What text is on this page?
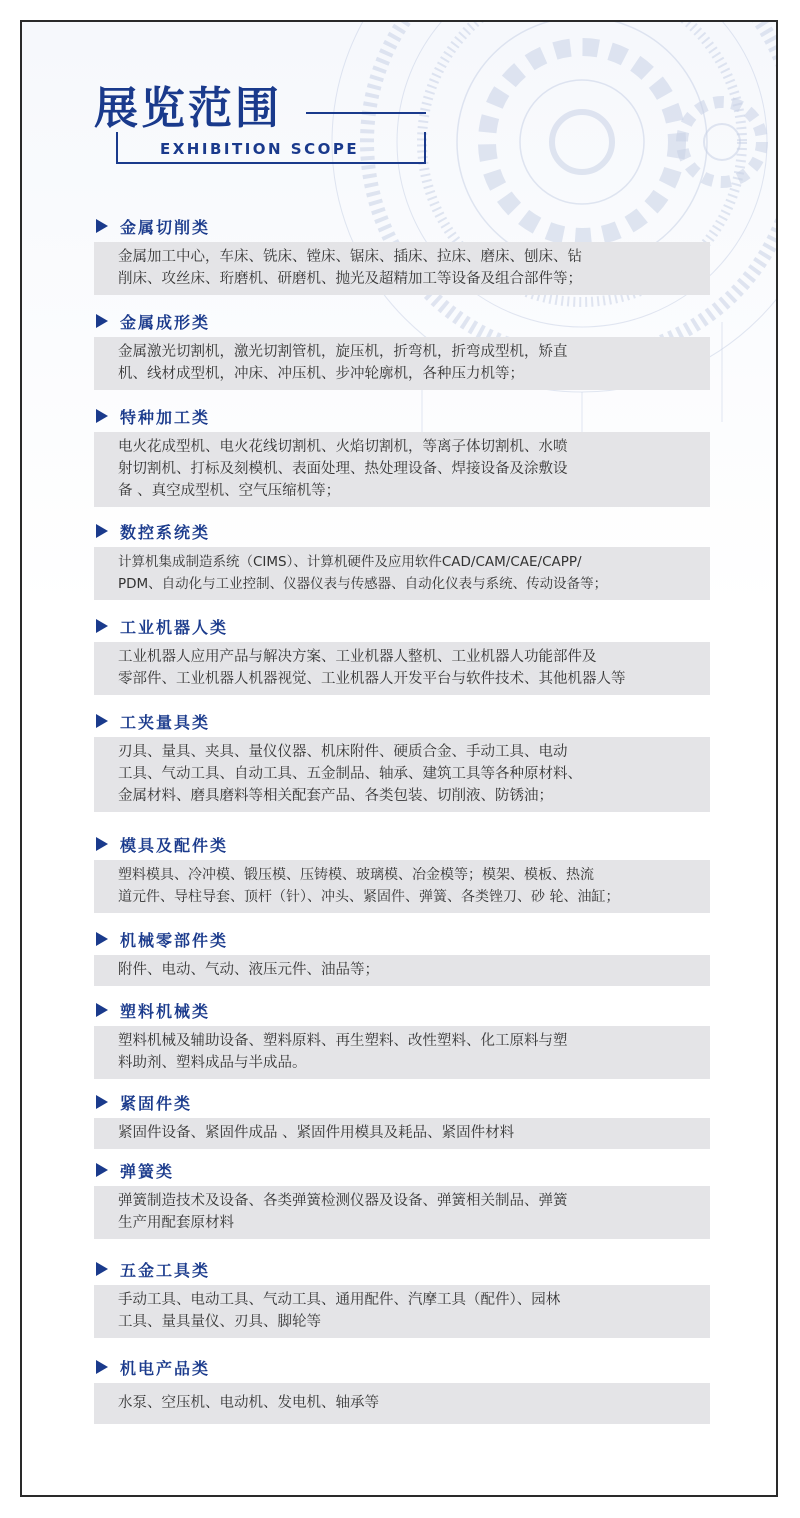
展览范围
EXHIBITION SCOPE
金属切削类
金属加工中心，车床、铣床、镗床、锯床、插床、拉床、磨床、刨床、钻
削床、攻丝床、珩磨机、研磨机、抛光及超精加工等设备及组合部件等；
金属成形类
金属激光切割机，激光切割管机，旋压机，折弯机，折弯成型机，矫直
机、线材成型机，冲床、冲压机、步冲轮廓机，各种压力机等；
特种加工类
电火花成型机、电火花线切割机、火焰切割机，等离子体切割机、水喷
射切割机、打标及刻模机、表面处理、热处理设备、焊接设备及涂敷设
备 、真空成型机、空气压缩机等；
数控系统类
计算机集成制造系统（CIMS）、计算机硬件及应用软件CAD/CAM/CAE/CAPP/
PDM、自动化与工业控制、仪器仪表与传感器、自动化仪表与系统、传动设备等；
工业机器人类
工业机器人应用产品与解决方案、工业机器人整机、工业机器人功能部件及
零部件、工业机器人机器视觉、工业机器人开发平台与软件技术、其他机器人等
工夹量具类
刃具、量具、夹具、量仪仪器、机床附件、硬质合金、手动工具、电动
工具、气动工具、自动工具、五金制品、轴承、建筑工具等各种原材料、
金属材料、磨具磨料等相关配套产品、各类包装、切削液、防锈油；
模具及配件类
塑料模具、冷冲模、锻压模、压铸模、玻璃模、冶金模等；模架、模板、热流
道元件、导柱导套、顶杆（针）、冲头、紧固件、弹簧、各类锉刀、砂 轮、油缸；
机械零部件类
附件、电动、气动、液压元件、油品等；
塑料机械类
塑料机械及辅助设备、塑料原料、再生塑料、改性塑料、化工原料与塑
料助剂、塑料成品与半成品。
紧固件类
紧固件设备、紧固件成品 、紧固件用模具及耗品、紧固件材料
弹簧类
弹簧制造技术及设备、各类弹簧检测仪器及设备、弹簧相关制品、弹簧
生产用配套原材料
五金工具类
手动工具、电动工具、气动工具、通用配件、汽摩工具（配件）、园林
工具、量具量仪、刃具、脚轮等
机电产品类
水泵、空压机、电动机、发电机、轴承等
